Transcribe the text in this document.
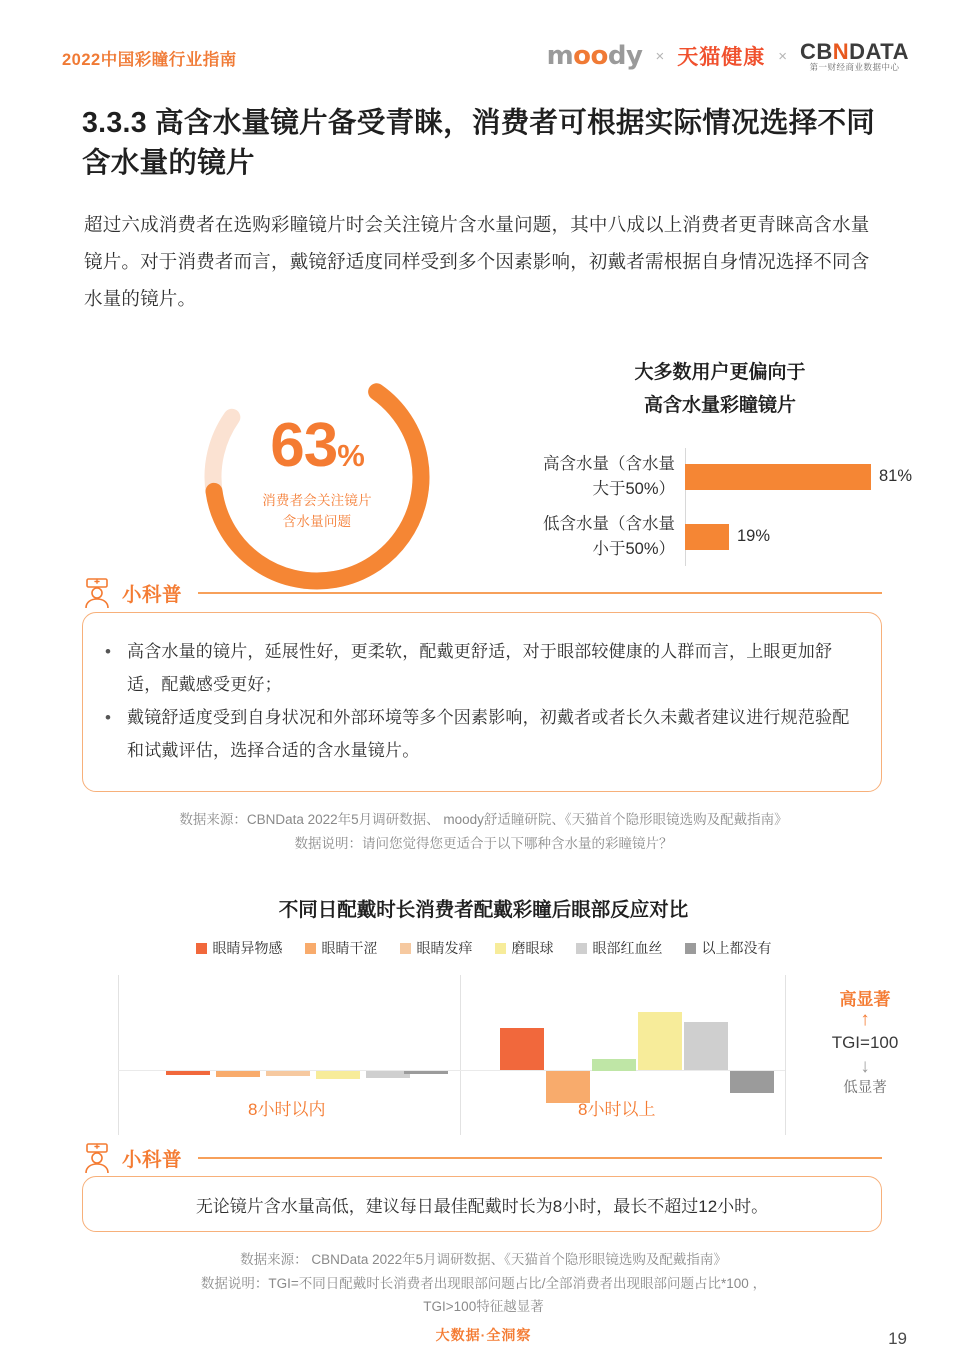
2022中国彩瞳行业指南	moody × 天猫健康 × CBNDATA
第一财经商业数据中心
3.3.3 高含水量镜片备受青睐，消费者可根据实际情况选择不同含水量的镜片
超过六成消费者在选购彩瞳镜片时会关注镜片含水量问题，其中八成以上消费者更青睐高含水量镜片。对于消费者而言，戴镜舒适度同样受到多个因素影响，初戴者需根据自身情况选择不同含水量的镜片。
63%
消费者会关注镜片
含水量问题
大多数用户更偏向于
高含水量彩瞳镜片
高含水量（含水量
大于50%）
81%
低含水量（含水量
小于50%）
19%
小科普
• 高含水量的镜片，延展性好，更柔软，配戴更舒适，对于眼部较健康的人群而言，上眼更加舒适，配戴感受更好；
• 戴镜舒适度受到自身状况和外部环境等多个因素影响，初戴者或者长久未戴者建议进行规范验配和试戴评估，选择合适的含水量镜片。
数据来源：CBNData 2022年5月调研数据、 moody舒适瞳研院、《天猫首个隐形眼镜选购及配戴指南》
数据说明：请问您觉得您更适合于以下哪种含水量的彩瞳镜片？
不同日配戴时长消费者配戴彩瞳后眼部反应对比
眼睛异物感	眼睛干涩	眼睛发痒	磨眼球	眼部红血丝	以上都没有
8小时以内	8小时以上
高显著
↑
TGI=100
↓
低显著
小科普
无论镜片含水量高低，建议每日最佳配戴时长为8小时，最长不超过12小时。
数据来源： CBNData 2022年5月调研数据、《天猫首个隐形眼镜选购及配戴指南》
数据说明：TGI=不同日配戴时长消费者出现眼部问题占比/全部消费者出现眼部问题占比*100 ，
TGI>100特征越显著
大数据·全洞察	19
